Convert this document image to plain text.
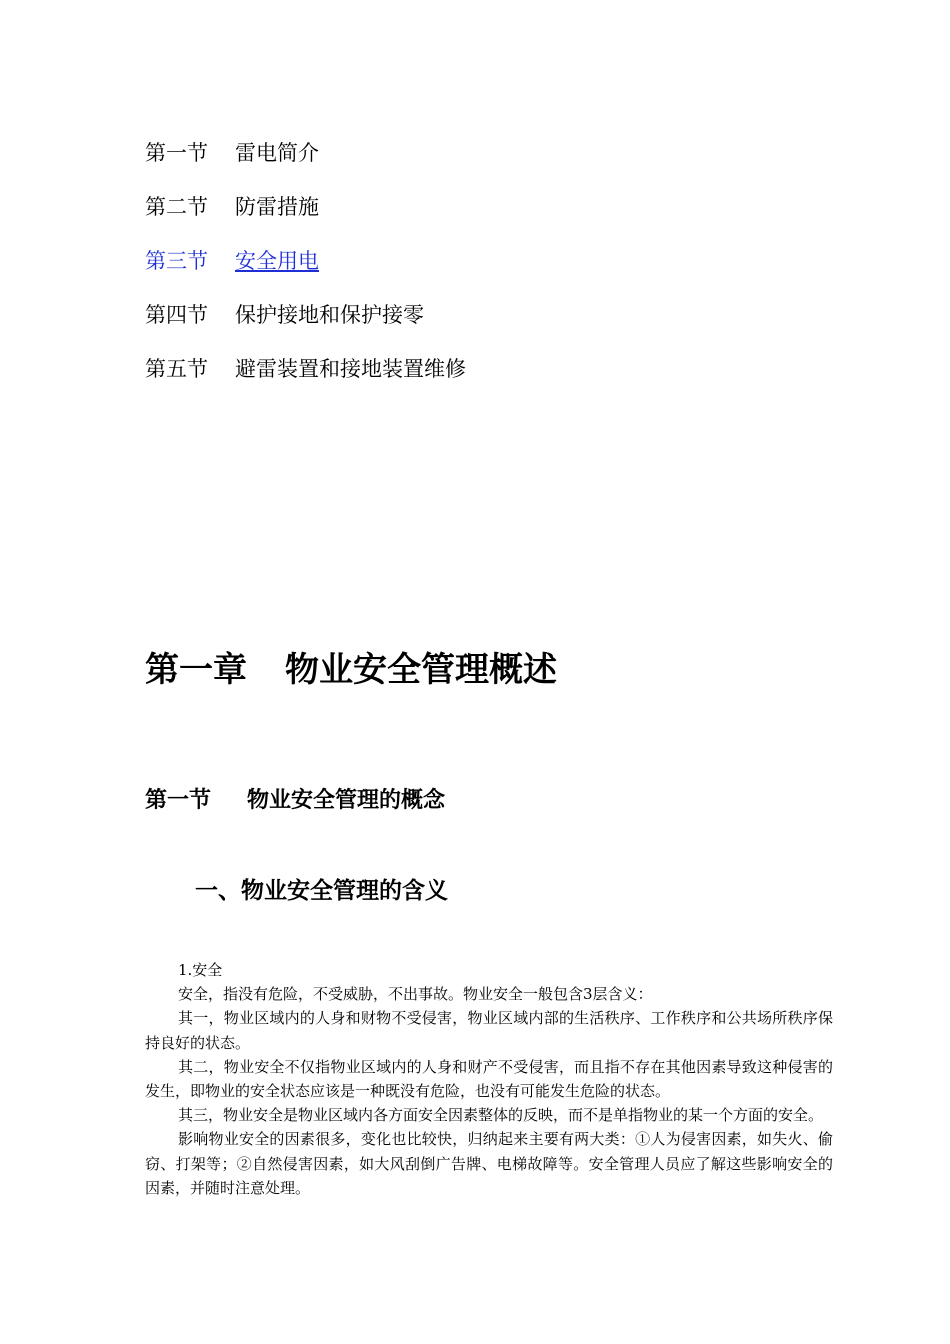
第一节 雷电简介
第二节 防雷措施
第三节 安全用电
第四节 保护接地和保护接零
第五节 避雷装置和接地装置维修
第一章 物业安全管理概述
第一节 物业安全管理的概念
一、物业安全管理的含义

1.安全

安全，指没有危险，不受威胁，不出事故。物业安全一般包含3层含义：

其一，物业区域内的人身和财物不受侵害，物业区域内部的生活秩序、工作秩序和公共场所秩序保持良好的状态。

其二，物业安全不仅指物业区域内的人身和财产不受侵害，而且指不存在其他因素导致这种侵害的发生，即物业的安全状态应该是一种既没有危险，也没有可能发生危险的状态。

其三，物业安全是物业区域内各方面安全因素整体的反映，而不是单指物业的某一个方面的安全。

影响物业安全的因素很多，变化也比较快，归纳起来主要有两大类：①人为侵害因素，如失火、偷窃、打架等；②自然侵害因素，如大风刮倒广告牌、电梯故障等。安全管理人员应了解这些影响安全的因素，并随时注意处理。
